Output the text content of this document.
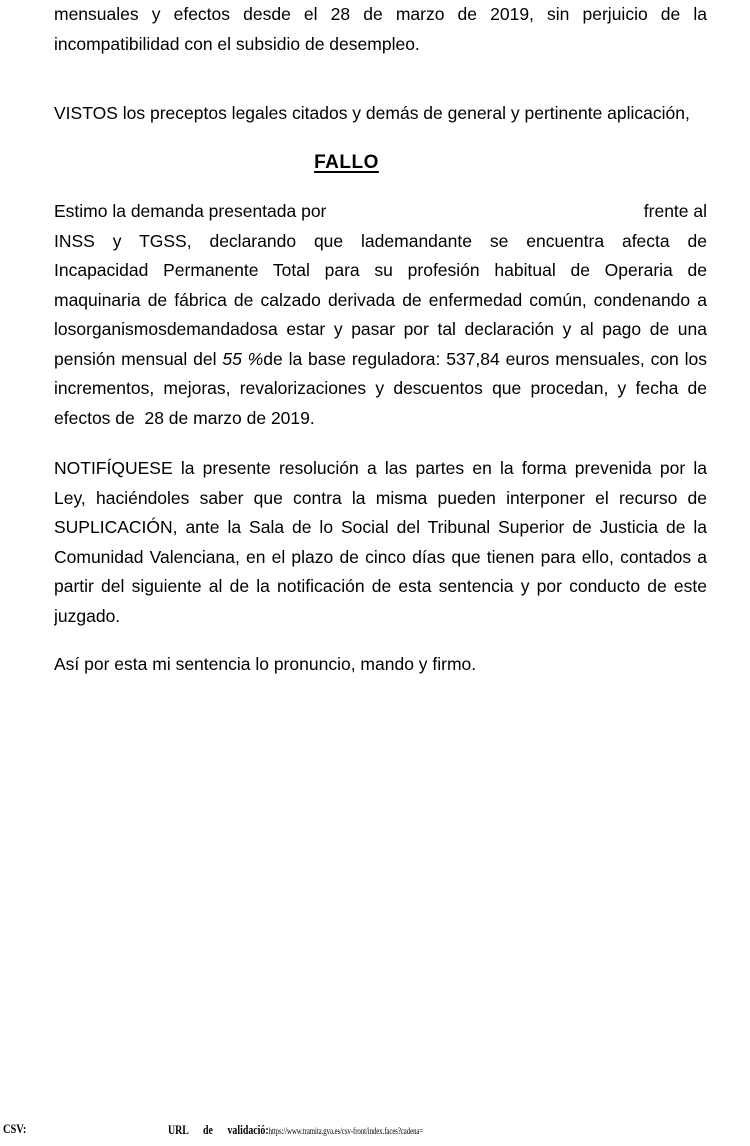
mensuales y efectos desde el 28 de marzo de 2019, sin perjuicio de la
incompatibilidad con el subsidio de desempleo.
VISTOS los preceptos legales citados y demás de general y pertinente aplicación,
FALLO
Estimo la demanda presentada por	frente al
INSS y TGSS, declarando que lademandante se encuentra afecta de
Incapacidad Permanente Total para su profesión habitual de Operaria de
maquinaria de fábrica de calzado derivada de enfermedad común, condenando a
losorganismosdemandadosa estar y pasar por tal declaración y al pago de una
pensión mensual del 55 %de la base reguladora: 537,84 euros mensuales, con los
incrementos, mejoras, revalorizaciones y descuentos que procedan, y fecha de
efectos de  28 de marzo de 2019.
NOTIFÍQUESE la presente resolución a las partes en la forma prevenida por la
Ley, haciéndoles saber que contra la misma pueden interponer el recurso de
SUPLICACIÓN, ante la Sala de lo Social del Tribunal Superior de Justicia de la
Comunidad Valenciana, en el plazo de cinco días que tienen para ello, contados a
partir del siguiente al de la notificación de esta sentencia y por conducto de este
juzgado.
Así por esta mi sentencia lo pronuncio, mando y firmo.
CSV:	URL de validació:https://www.tramita.gva.es/csv-front/index.faces?cadena=
